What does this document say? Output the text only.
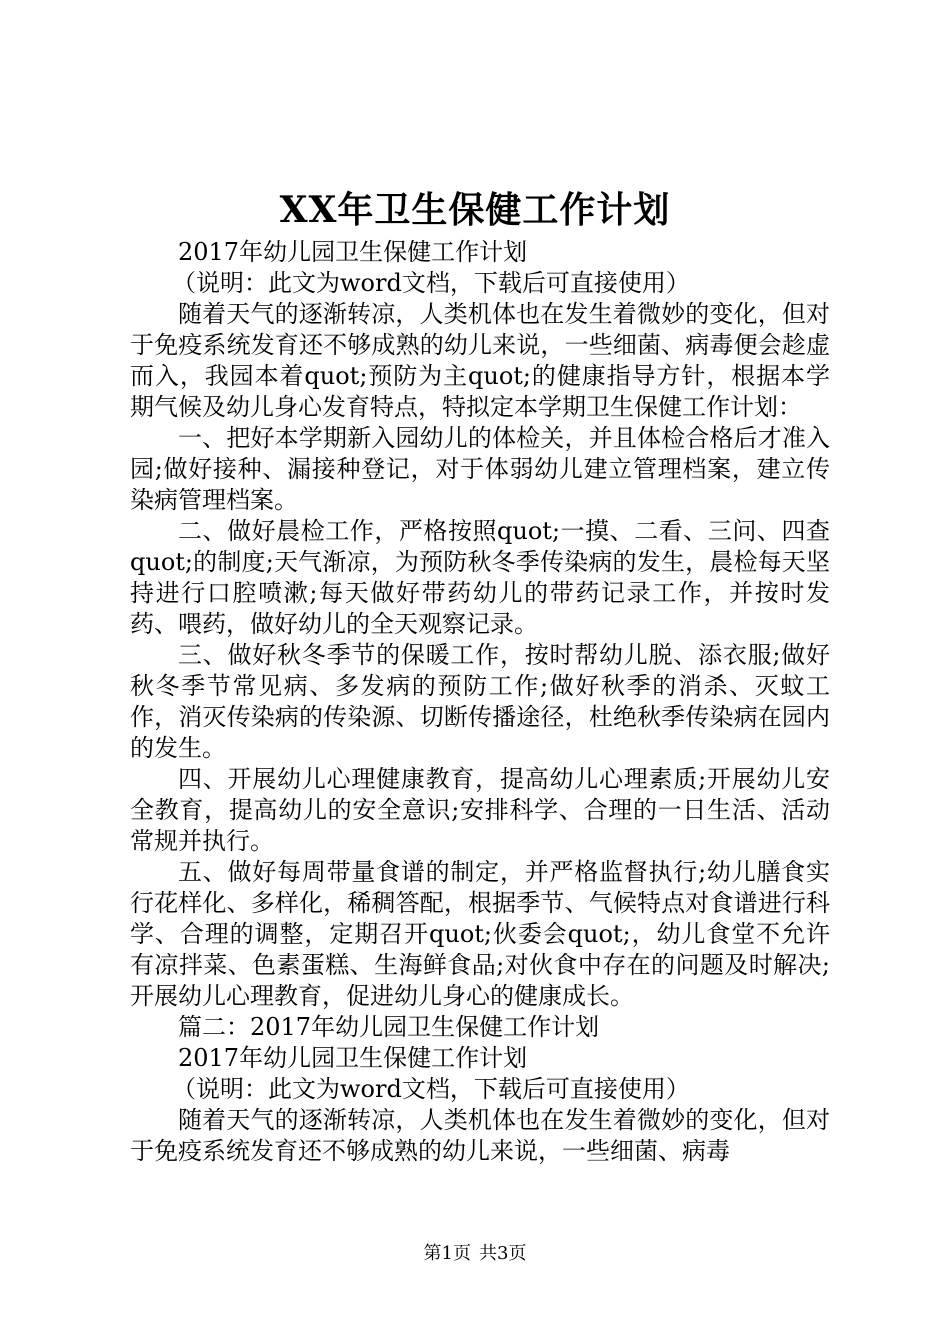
XX年卫生保健工作计划

2017年幼儿园卫生保健工作计划

（说明：此文为word文档，下载后可直接使用）

随着天气的逐渐转凉，人类机体也在发生着微妙的变化，但对于免疫系统发育还不够成熟的幼儿来说，一些细菌、病毒便会趁虚而入，我园本着quot;预防为主quot;的健康指导方针，根据本学期气候及幼儿身心发育特点，特拟定本学期卫生保健工作计划：

一、把好本学期新入园幼儿的体检关，并且体检合格后才准入园;做好接种、漏接种登记，对于体弱幼儿建立管理档案，建立传染病管理档案。

二、做好晨检工作，严格按照quot;一摸、二看、三问、四查quot;的制度;天气渐凉，为预防秋冬季传染病的发生，晨检每天坚持进行口腔喷漱;每天做好带药幼儿的带药记录工作，并按时发药、喂药，做好幼儿的全天观察记录。

三、做好秋冬季节的保暖工作，按时帮幼儿脱、添衣服;做好秋冬季节常见病、多发病的预防工作;做好秋季的消杀、灭蚊工作，消灭传染病的传染源、切断传播途径，杜绝秋季传染病在园内的发生。

四、开展幼儿心理健康教育，提高幼儿心理素质;开展幼儿安全教育，提高幼儿的安全意识;安排科学、合理的一日生活、活动常规并执行。

五、做好每周带量食谱的制定，并严格监督执行;幼儿膳食实行花样化、多样化，稀稠答配，根据季节、气候特点对食谱进行科学、合理的调整，定期召开quot;伙委会quot;，幼儿食堂不允许有凉拌菜、色素蛋糕、生海鲜食品;对伙食中存在的问题及时解决;开展幼儿心理教育，促进幼儿身心的健康成长。

篇二：2017年幼儿园卫生保健工作计划

2017年幼儿园卫生保健工作计划

（说明：此文为word文档，下载后可直接使用）

随着天气的逐渐转凉，人类机体也在发生着微妙的变化，但对于免疫系统发育还不够成熟的幼儿来说，一些细菌、病毒

第1页 共3页
